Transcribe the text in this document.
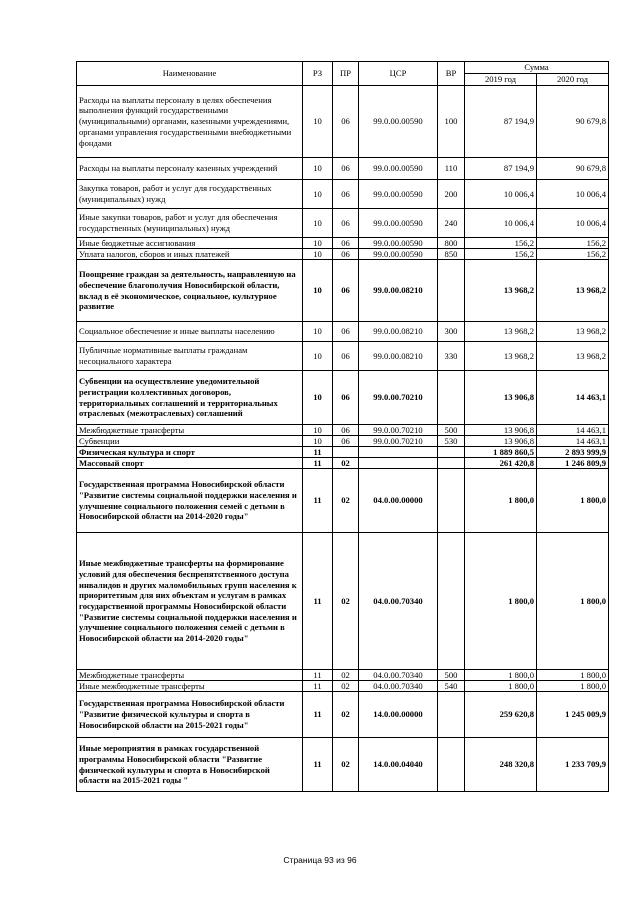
Наименование	РЗ	ПР	ЦСР	ВР	Сумма	
					2019 год	2020 год
Расходы на выплаты персоналу в целях обеспечения выполнения функций государственными (муниципальными) органами, казенными учреждениями, органами управления государственными внебюджетными фондами	10	06	99.0.00.00590	100	87 194,9	90 679,8
Расходы на выплаты персоналу казенных учреждений	10	06	99.0.00.00590	110	87 194,9	90 679,8
Закупка товаров, работ и услуг для государственных (муниципальных) нужд	10	06	99.0.00.00590	200	10 006,4	10 006,4
Иные закупки товаров, работ и услуг для обеспечения государственных (муниципальных) нужд	10	06	99.0.00.00590	240	10 006,4	10 006,4
Иные бюджетные ассигнования	10	06	99.0.00.00590	800	156,2	156,2
Уплата налогов, сборов и иных платежей	10	06	99.0.00.00590	850	156,2	156,2
Поощрение граждан за деятельность, направленную на обеспечение благополучия Новосибирской области, вклад в её экономическое, социальное, культурное развитие	10	06	99.0.00.08210		13 968,2	13 968,2
Социальное обеспечение и иные выплаты населению	10	06	99.0.00.08210	300	13 968,2	13 968,2
Публичные нормативные выплаты гражданам несоциального характера	10	06	99.0.00.08210	330	13 968,2	13 968,2
Субвенции на осуществление уведомительной регистрации коллективных договоров, территориальных соглашений и территориальных отраслевых (межотраслевых) соглашений	10	06	99.0.00.70210		13 906,8	14 463,1
Межбюджетные трансферты	10	06	99.0.00.70210	500	13 906,8	14 463,1
Субвенции	10	06	99.0.00.70210	530	13 906,8	14 463,1
Физическая культура и спорт	11				1 889 860,5	2 893 999,9
Массовый спорт	11	02			261 420,8	1 246 809,9
Государственная программа Новосибирской области "Развитие системы социальной поддержки населения и улучшение социального положения семей с детьми в Новосибирской области на 2014-2020 годы"	11	02	04.0.00.00000		1 800,0	1 800,0
Иные межбюджетные трансферты на формирование условий для обеспечения беспрепятственного доступа инвалидов и других маломобильных групп населения к приоритетным для них объектам и услугам в рамках государственной программы Новосибирской области "Развитие системы социальной поддержки населения и улучшение социального положения семей с детьми в Новосибирской области на 2014-2020 годы"	11	02	04.0.00.70340		1 800,0	1 800,0
Межбюджетные трансферты	11	02	04.0.00.70340	500	1 800,0	1 800,0
Иные межбюджетные трансферты	11	02	04.0.00.70340	540	1 800,0	1 800,0
Государственная программа Новосибирской области "Развитие физической культуры и спорта в Новосибирской области на 2015-2021 годы"	11	02	14.0.00.00000		259 620,8	1 245 009,9
Иные мероприятия в рамках государственной программы Новосибирской области "Развитие физической культуры и спорта в Новосибирской области на 2015-2021 годы "	11	02	14.0.00.04040		248 320,8	1 233 709,9
Страница 93 из 96
